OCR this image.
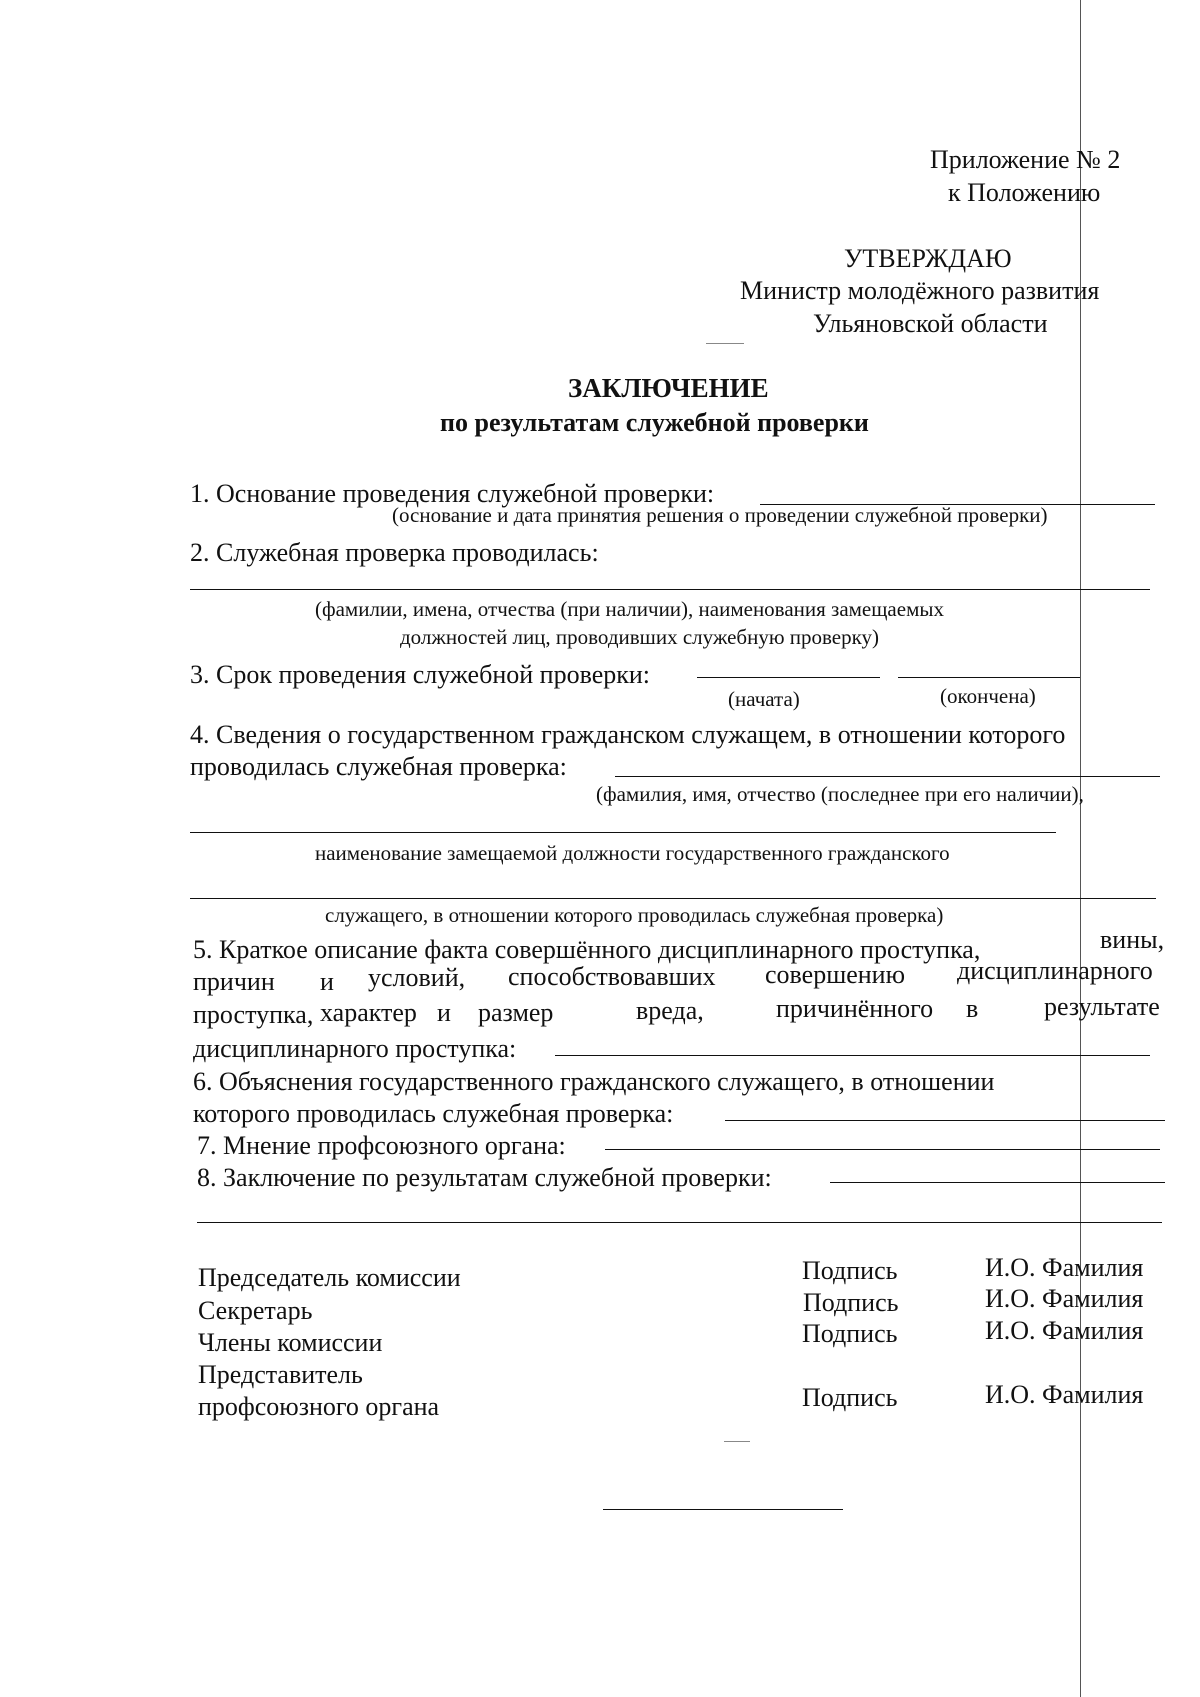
Приложение № 2
к Положению
УТВЕРЖДАЮ
Министр молодёжного развития
Ульяновской области
ЗАКЛЮЧЕНИЕ
по результатам служебной проверки
1. Основание проведения служебной проверки:
(основание и дата принятия решения о проведении служебной проверки)
2. Служебная проверка проводилась:
(фамилии, имена, отчества (при наличии), наименования замещаемых
должностей лиц, проводивших служебную проверку)
3. Срок проведения служебной проверки:
(начата)	(окончена)
4. Сведения о государственном гражданском служащем, в отношении которого
проводилась служебная проверка:
(фамилия, имя, отчество (последнее при его наличии),
наименование замещаемой должности государственного гражданского
служащего, в отношении которого проводилась служебная проверка)
5. Краткое описание факта совершённого дисциплинарного проступка,	вины,
причин и условий, способствовавших совершению дисциплинарного
проступка, характер и размер	вреда,	причинённого в	результате
дисциплинарного проступка:
6. Объяснения государственного гражданского служащего, в отношении
которого проводилась служебная проверка:
7. Мнение профсоюзного органа:
8. Заключение по результатам служебной проверки:
Председатель комиссии	Подпись	И.О. Фамилия
Секретарь	Подпись	И.О. Фамилия
Члены комиссии	Подпись	И.О. Фамилия
Представитель
профсоюзного органа	Подпись	И.О. Фамилия
